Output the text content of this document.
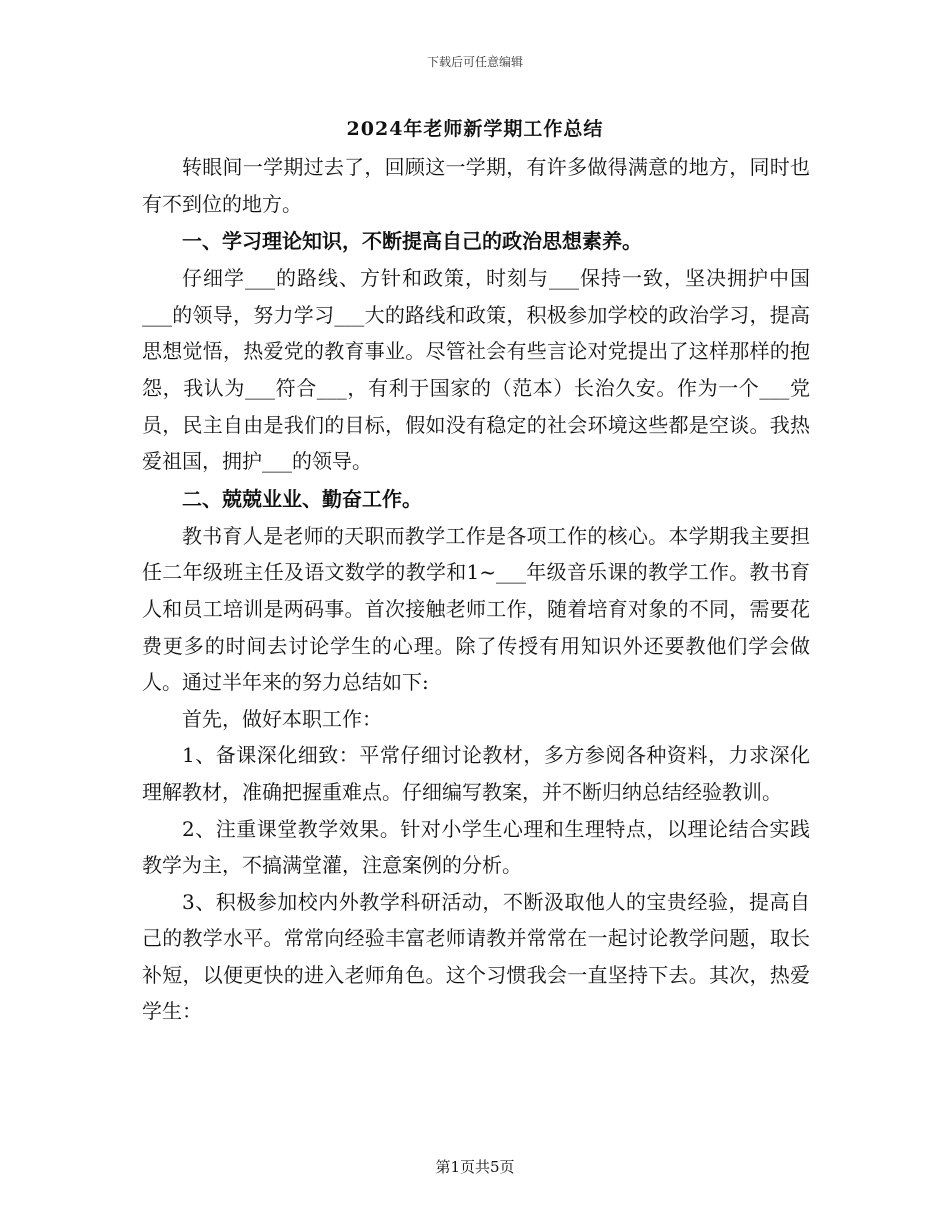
下载后可任意编辑
2024年老师新学期工作总结

转眼间一学期过去了，回顾这一学期，有许多做得满意的地方，同时也有不到位的地方。

一、学习理论知识，不断提高自己的政治思想素养。

仔细学___的路线、方针和政策，时刻与___保持一致，坚决拥护中国___的领导，努力学习___大的路线和政策，积极参加学校的政治学习，提高思想觉悟，热爱党的教育事业。尽管社会有些言论对党提出了这样那样的抱怨，我认为___符合___，有利于国家的（范本）长治久安。作为一个___党员，民主自由是我们的目标，假如没有稳定的社会环境这些都是空谈。我热爱祖国，拥护___的领导。

二、兢兢业业、勤奋工作。

教书育人是老师的天职而教学工作是各项工作的核心。本学期我主要担任二年级班主任及语文数学的教学和1~___年级音乐课的教学工作。教书育人和员工培训是两码事。首次接触老师工作，随着培育对象的不同，需要花费更多的时间去讨论学生的心理。除了传授有用知识外还要教他们学会做人。通过半年来的努力总结如下:

首先，做好本职工作：

1、备课深化细致：平常仔细讨论教材，多方参阅各种资料，力求深化理解教材，准确把握重难点。仔细编写教案，并不断归纳总结经验教训。

2、注重课堂教学效果。针对小学生心理和生理特点，以理论结合实践教学为主，不搞满堂灌，注意案例的分析。

3、积极参加校内外教学科研活动，不断汲取他人的宝贵经验，提高自己的教学水平。常常向经验丰富老师请教并常常在一起讨论教学问题，取长补短，以便更快的进入老师角色。这个习惯我会一直坚持下去。其次，热爱学生：

第1页共5页
